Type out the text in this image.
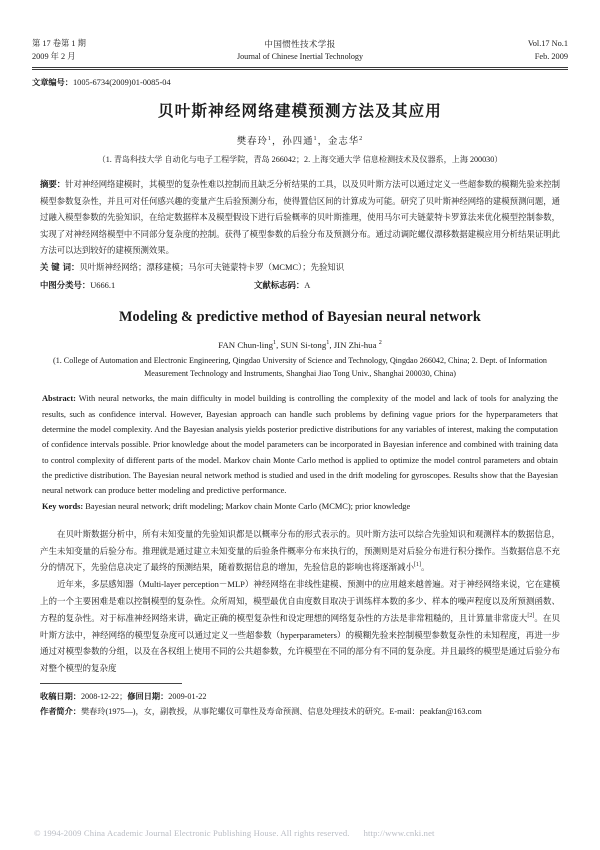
第 17 卷第 1 期
2009 年 2 月
中国惯性技术学报
Journal of Chinese Inertial Technology
Vol.17 No.1
Feb. 2009
文章编号：1005-6734(2009)01-0085-04
贝叶斯神经网络建模预测方法及其应用
樊春玲$^1$，孙四通$^1$，金志华$^2$
（1. 青岛科技大学 自动化与电子工程学院，青岛 266042；2. 上海交通大学 信息检测技术及仪器系，上海 200030）
摘要：针对神经网络建模时，其模型的复杂性难以控制而且缺乏分析结果的工具，以及贝叶斯方法可以通过定义一些超参数的模糊先验来控制模型参数复杂性，并且可对任何感兴趣的变量产生后验预测分布，使得置信区间的计算成为可能。研究了贝叶斯神经网络的建模预测问题，通过融入模型参数的先验知识，在给定数据样本及模型假设下进行后验概率的贝叶斯推理，使用马尔可夫链蒙特卡罗算法来优化模型控制参数，实现了对神经网络模型中不同部分复杂度的控制。获得了模型参数的后验分布及预测分布。通过动调陀螺仪漂移数据建模应用分析结果证明此方法可以达到较好的建模预测效果。
关 键 词：贝叶斯神经网络；漂移建模；马尔可夫链蒙特卡罗（MCMC）；先验知识
中图分类号：U666.1	文献标志码：A
Modeling & predictive method of Bayesian neural network
FAN Chun-ling$^1$, SUN Si-tong$^1$, JIN Zhi-hua $^2$
(1. College of Automation and Electronic Engineering, Qingdao University of Science and Technology, Qingdao 266042, China; 2. Dept. of Information Measurement Technology and Instruments, Shanghai Jiao Tong Univ., Shanghai 200030, China)
Abstract: With neural networks, the main difficulty in model building is controlling the complexity of the model and lack of tools for analyzing the results, such as confidence interval. However, Bayesian approach can handle such problems by defining vague priors for the hyperparameters that determine the model complexity. And the Bayesian analysis yields posterior predictive distributions for any variables of interest, making the computation of confidence intervals possible. Prior knowledge about the model parameters can be incorporated in Bayesian inference and combined with training data to control complexity of different parts of the model. Markov chain Monte Carlo method is applied to optimize the model control parameters and obtain the predictive distribution. The Bayesian neural network method is studied and used in the drift modeling for gyroscopes. Results show that the Bayesian neural network can produce better modeling and predictive performance.
Key words: Bayesian neural network; drift modeling; Markov chain Monte Carlo (MCMC); prior knowledge

在贝叶斯数据分析中，所有未知变量的先验知识都是以概率分布的形式表示的。贝叶斯方法可以综合先验知识和观测样本的数据信息，产生未知变量的后验分布。推理就是通过建立未知变量的后验条件概率分布来执行的，预测则是对后验分布进行积分操作。当数据信息不充分的情况下，先验信息决定了最终的预测结果，随着数据信息的增加，先验信息的影响也将逐渐减小[1]。

近年来，多层感知器（Multi-layer perception－MLP）神经网络在非线性建模、预测中的应用越来越普遍。对于神经网络来说，它在建模上的一个主要困难是难以控制模型的复杂性。众所周知，模型最优自由度数目取决于训练样本数的多少、样本的噪声程度以及所预测函数、方程的复杂性。对于标准神经网络来讲，确定正确的模型复杂性和设定理想的网络复杂性的方法是非常粗糙的，且计算量非常庞大[2]。在贝叶斯方法中，神经网络的模型复杂度可以通过定义一些超参数（hyperparameters）的模糊先验来控制模型参数复杂性的未知程度，再进一步通过对模型参数的分组，以及在各权组上使用不同的公共超参数，允许模型在不同的部分有不同的复杂度。并且最终的模型是通过后验分布对整个模型的复杂度

收稿日期：2008-12-22；修回日期：2009-01-22
作者简介：樊春玲(1975—)，女，副教授，从事陀螺仪可靠性及寿命预测、信息处理技术的研究。E-mail：peakfan@163.com
© 1994-2009 China Academic Journal Electronic Publishing House. All rights reserved. http://www.cnki.net
